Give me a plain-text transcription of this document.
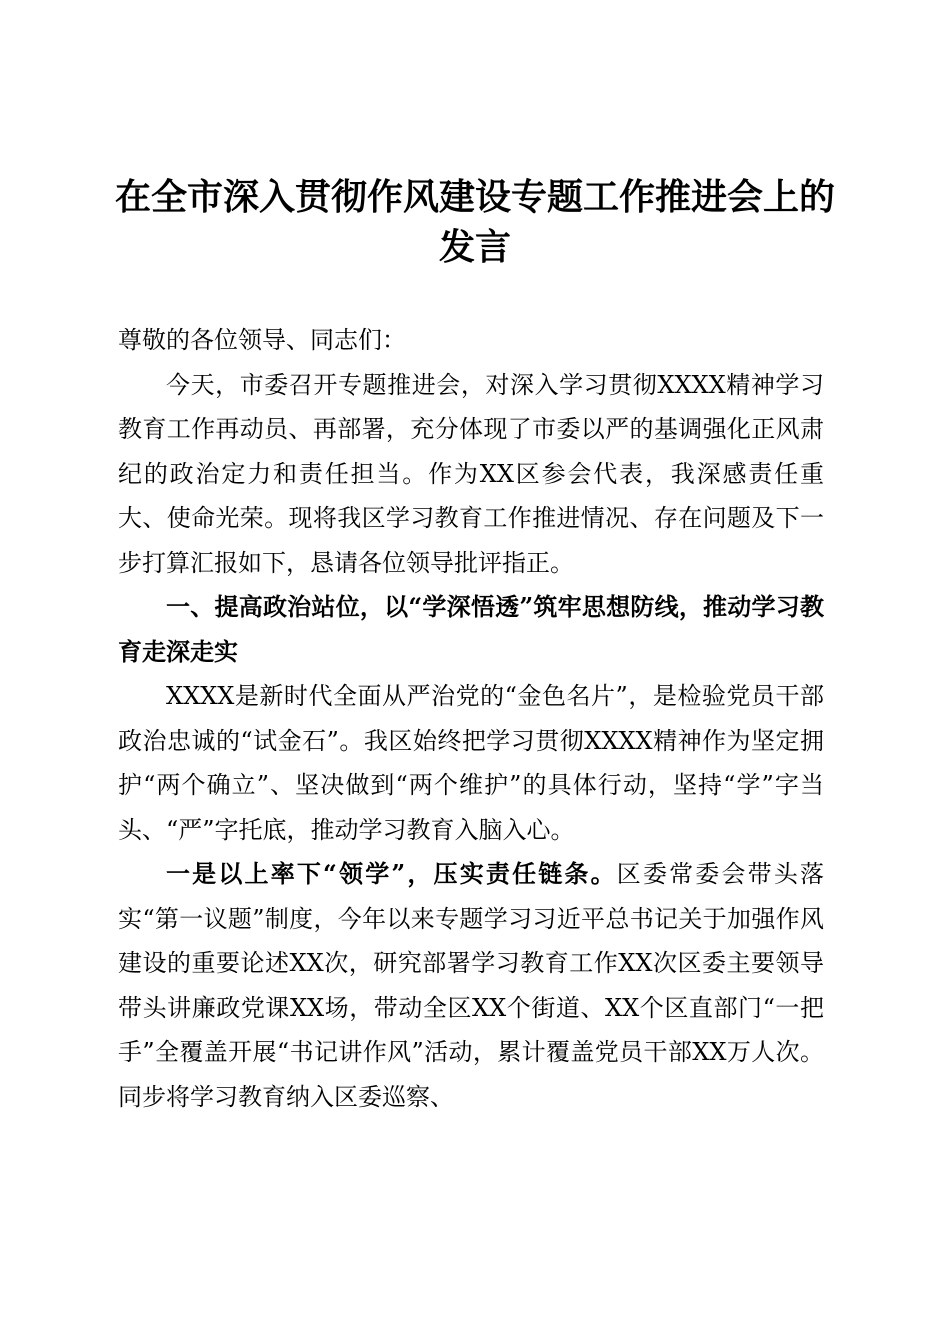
在全市深入贯彻作风建设专题工作推进会上的
发言

尊敬的各位领导、同志们：

今天，市委召开专题推进会，对深入学习贯彻XXXX精神学习教育工作再动员、再部署，充分体现了市委以严的基调强化正风肃纪的政治定力和责任担当。作为XX区参会代表，我深感责任重大、使命光荣。现将我区学习教育工作推进情况、存在问题及下一步打算汇报如下，恳请各位领导批评指正。

一、提高政治站位，以“学深悟透”筑牢思想防线，推动学习教育走深走实

XXXX是新时代全面从严治党的“金色名片”，是检验党员干部政治忠诚的“试金石”。我区始终把学习贯彻XXXX精神作为坚定拥护“两个确立”、坚决做到“两个维护”的具体行动，坚持“学”字当头、“严”字托底，推动学习教育入脑入心。

一是以上率下“领学”，压实责任链条。区委常委会带头落实“第一议题”制度，今年以来专题学习习近平总书记关于加强作风建设的重要论述XX次，研究部署学习教育工作XX次区委主要领导带头讲廉政党课XX场，带动全区XX个街道、XX个区直部门“一把手”全覆盖开展“书记讲作风”活动，累计覆盖党员干部XX万人次。同步将学习教育纳入区委巡察、
